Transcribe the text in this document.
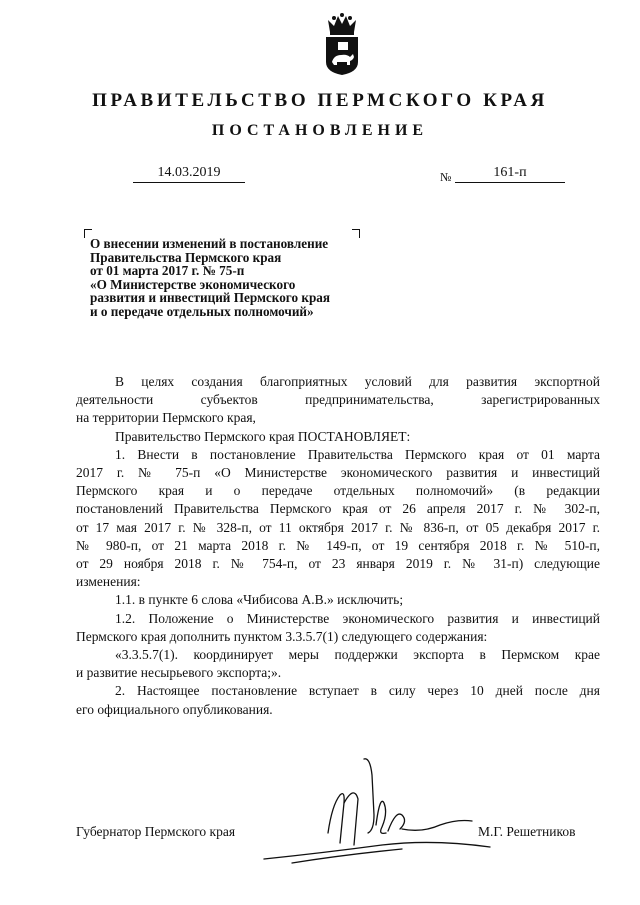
ПРАВИТЕЛЬСТВО ПЕРМСКОГО КРАЯ
ПОСТАНОВЛЕНИЕ
14.03.2019	№	161-п
О внесении изменений в постановление
Правительства Пермского края
от 01 марта 2017 г. № 75-п
«О Министерстве экономического
развития и инвестиций Пермского края
и о передаче отдельных полномочий»
В целях создания благоприятных условий для развития экспортной
деятельности субъектов предпринимательства, зарегистрированных
на территории Пермского края,
Правительство Пермского края ПОСТАНОВЛЯЕТ:
1. Внести в постановление Правительства Пермского края от 01 марта
2017 г. № 75-п «О Министерстве экономического развития и инвестиций
Пермского края и о передаче отдельных полномочий» (в редакции
постановлений Правительства Пермского края от 26 апреля 2017 г. № 302-п,
от 17 мая 2017 г. № 328-п, от 11 октября 2017 г. № 836-п, от 05 декабря 2017 г.
№ 980-п, от 21 марта 2018 г. № 149-п, от 19 сентября 2018 г. № 510-п,
от 29 ноября 2018 г. № 754-п, от 23 января 2019 г. № 31-п) следующие
изменения:
1.1. в пункте 6 слова «Чибисова А.В.» исключить;
1.2. Положение о Министерстве экономического развития и инвестиций
Пермского края дополнить пунктом 3.3.5.7(1) следующего содержания:
«3.3.5.7(1). координирует меры поддержки экспорта в Пермском крае
и развитие несырьевого экспорта;».
2. Настоящее постановление вступает в силу через 10 дней после дня
его официального опубликования.
Губернатор Пермского края	М.Г. Решетников
